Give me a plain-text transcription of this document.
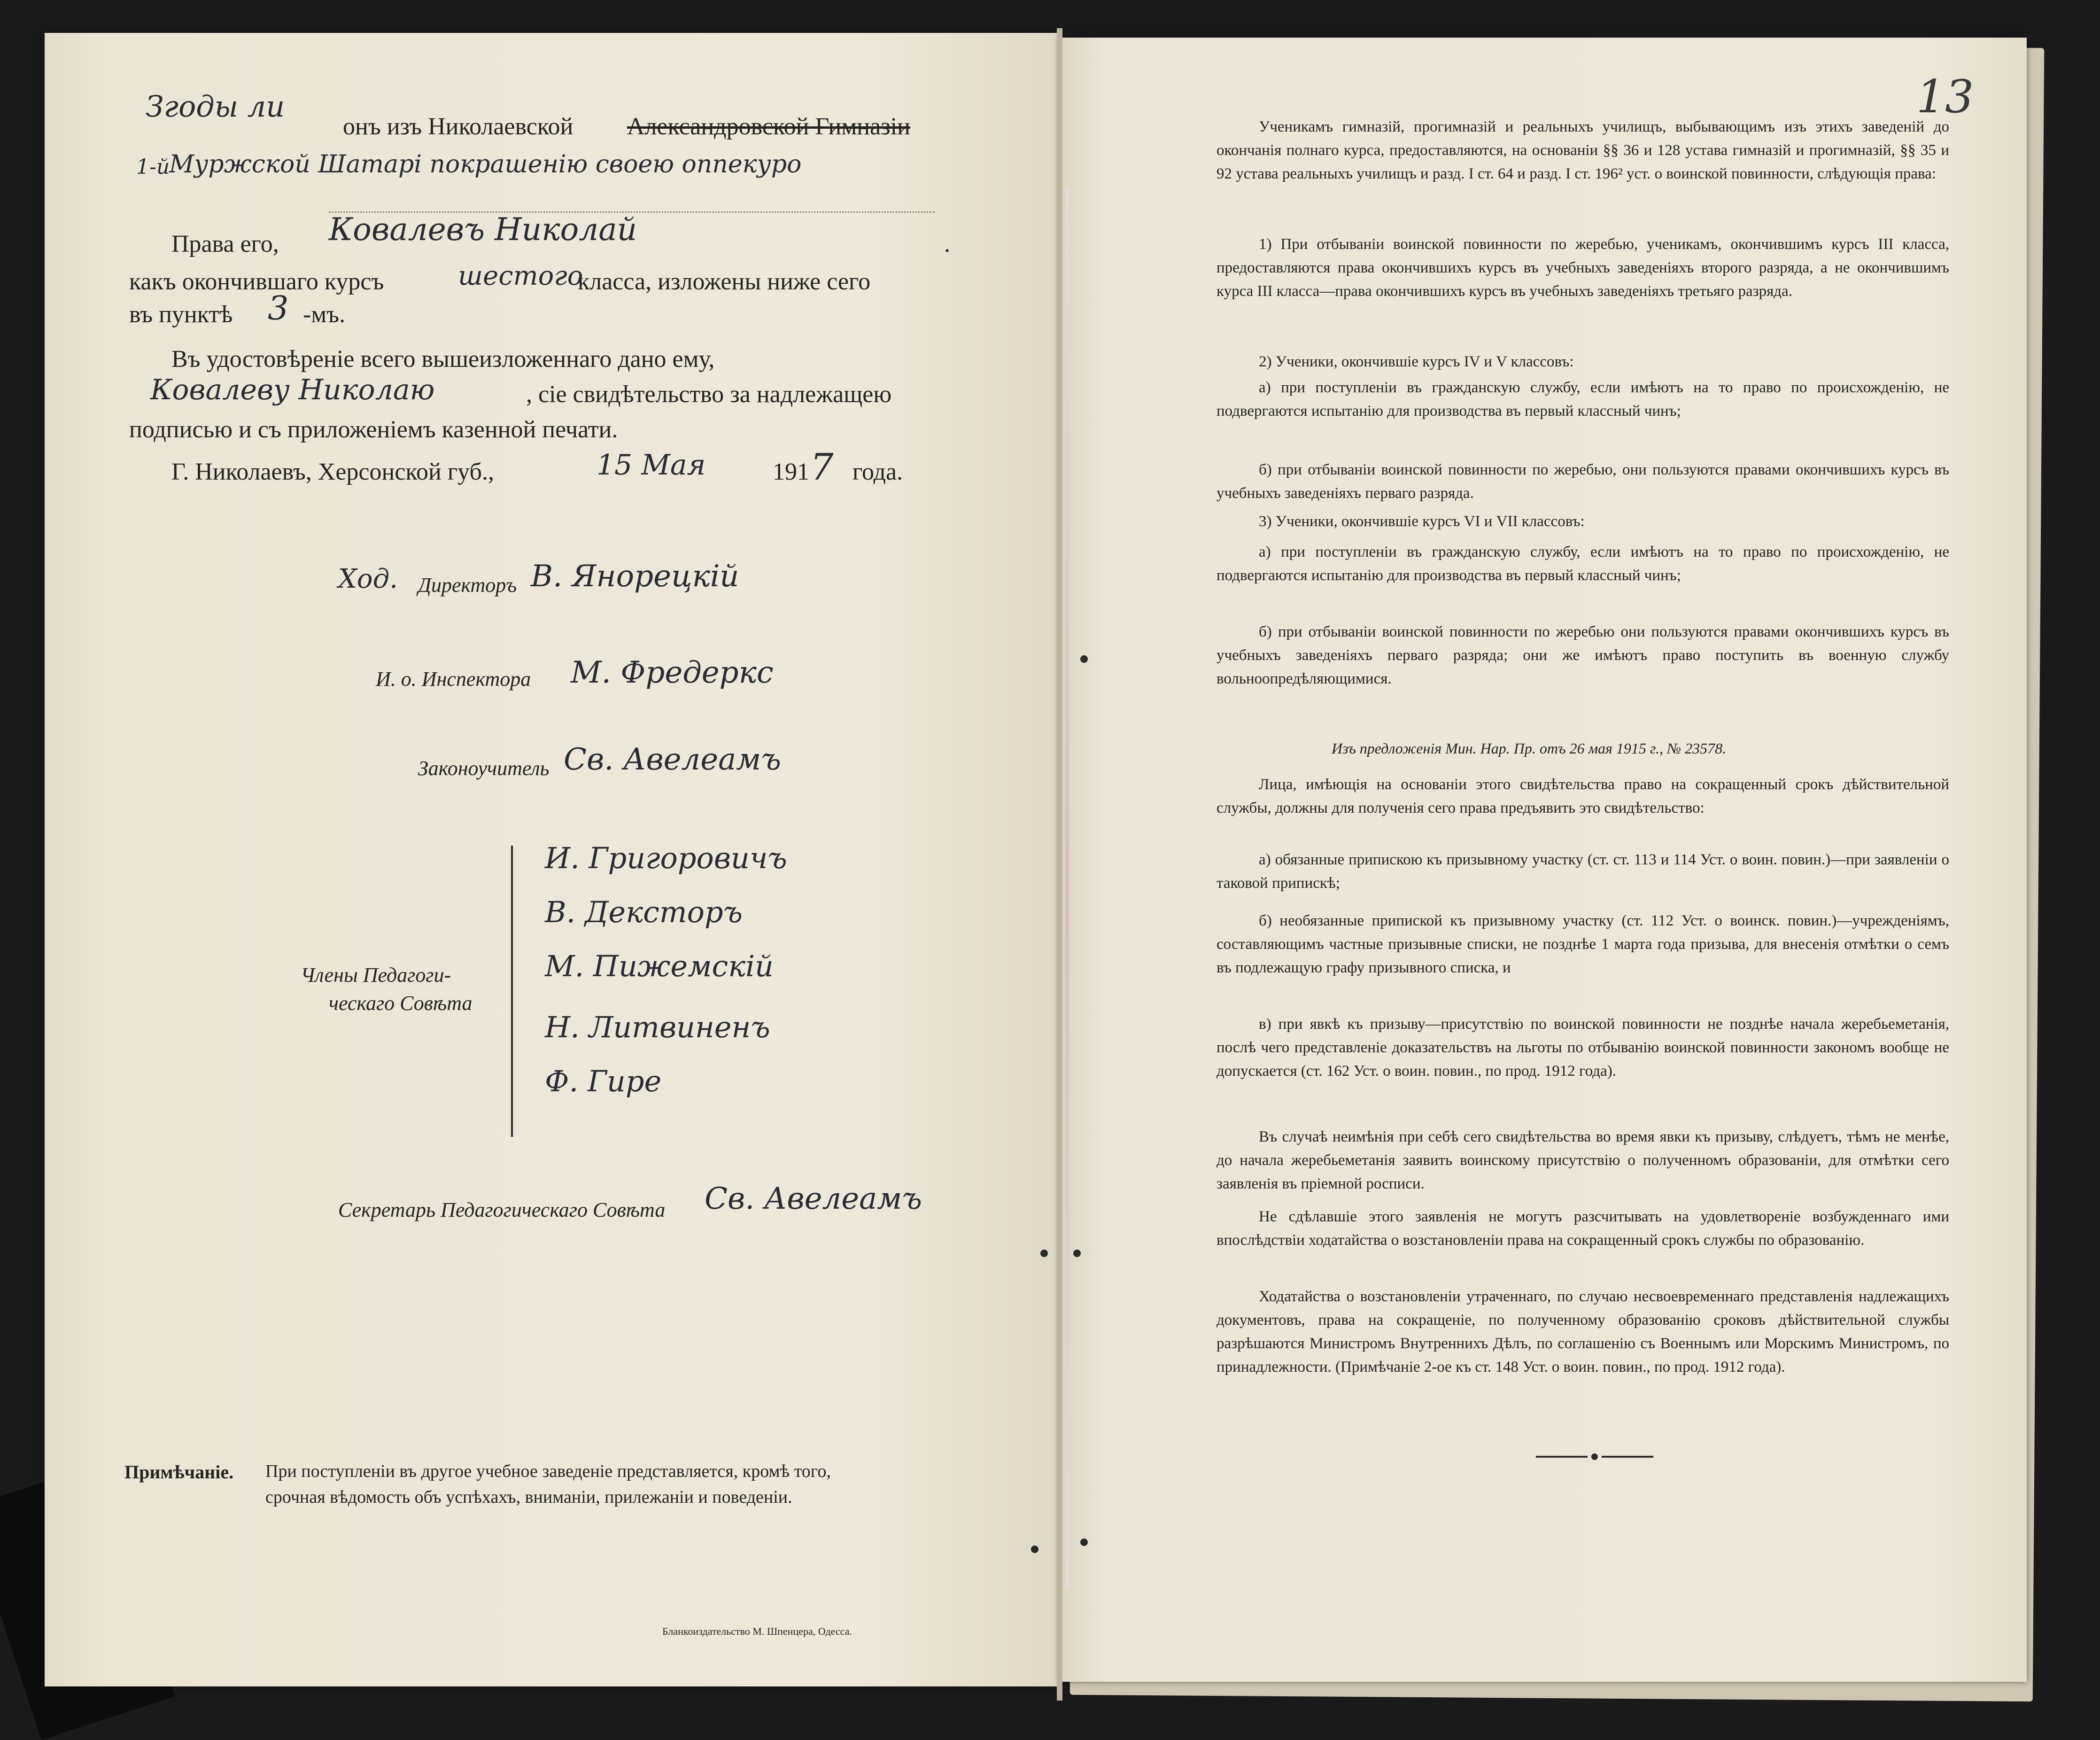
Згоды ли
онъ изъ Николаевской Александровской Гимназіи
1-й
Муржской Шатарі покрашенію своею оппекуро
Права его, Ковалевъ Николай	.
какъ окончившаго курсъ	шестого
класса, изложены ниже сего
въ пунктѣ 3 -мъ.
Въ удостовѣреніе всего вышеизложеннаго дано ему,
Ковалеву Николаю	, сіе свидѣтельство за надлежащею
подписью и съ приложеніемъ казенной печати.
Г. Николаевъ, Херсонской губ.,	15 Мая	191 7 года.
Ход. Директоръ В. Янорецкій
И. о. Инспектора М. Фредеркс
Законоучитель Св. Авелеамъ
Члены Педагоги-
ческаго Совѣта
И. Григоровичъ
В. Дексторъ
М. Пижемскій
Н. Литвиненъ
Ф. Гире
Секретарь Педагогическаго Совѣта Св. Авелеамъ
Примѣчаніе. При поступленіи въ другое учебное заведеніе представляется, кромѣ того,
срочная вѣдомость объ успѣхахъ, вниманіи, прилежаніи и поведеніи.
Бланкоиздательство М. Шпенцера, Одесса.
13

Ученикамъ гимназій, прогимназій и реальныхъ училищъ, выбывающимъ изъ этихъ заведеній до окончанія полнаго курса, предоставляются, на основаніи §§ 36 и 128 устава гимназій и прогимназій, §§ 35 и 92 устава реальныхъ училищъ и разд. I ст. 64 и разд. I ст. 196² уст. о воинской повинности, слѣдующія права:

1) При отбываніи воинской повинности по жеребью, ученикамъ, окончившимъ курсъ III класса, предоставляются права окончившихъ курсъ въ учебныхъ заведеніяхъ второго разряда, а не окончившимъ курса III класса—права окончившихъ курсъ въ учебныхъ заведеніяхъ третьяго разряда.

2) Ученики, окончившіе курсъ IV и V классовъ:

а) при поступленіи въ гражданскую службу, если имѣютъ на то право по происхожденію, не подвергаются испытанію для производства въ первый классный чинъ;

б) при отбываніи воинской повинности по жеребью, они пользуются правами окончившихъ курсъ въ учебныхъ заведеніяхъ перваго разряда.

3) Ученики, окончившіе курсъ VI и VII классовъ:

а) при поступленіи въ гражданскую службу, если имѣютъ на то право по происхожденію, не подвергаются испытанію для производства въ первый классный чинъ;

б) при отбываніи воинской повинности по жеребью они пользуются правами окончившихъ курсъ въ учебныхъ заведеніяхъ перваго разряда; они же имѣютъ право поступить въ военную службу вольноопредѣляющимися.

Изъ предложенія Мин. Нар. Пр. отъ 26 мая 1915 г., № 23578.

Лица, имѣющія на основаніи этого свидѣтельства право на сокращенный срокъ дѣйствительной службы, должны для полученія сего права предъявить это свидѣтельство:

а) обязанные припискою къ призывному участку (ст. ст. 113 и 114 Уст. о воин. повин.)—при заявленіи о таковой припискѣ;

б) необязанные припиской къ призывному участку (ст. 112 Уст. о воинск. повин.)—учрежденіямъ, составляющимъ частные призывные списки, не позднѣе 1 марта года призыва, для внесенія отмѣтки о семъ въ подлежащую графу призывного списка, и

в) при явкѣ къ призыву—присутствію по воинской повинности не позднѣе начала жеребьеметанія, послѣ чего представленіе доказательствъ на льготы по отбыванію воинской повинности закономъ вообще не допускается (ст. 162 Уст. о воин. повин., по прод. 1912 года).

Въ случаѣ неимѣнія при себѣ сего свидѣтельства во время явки къ призыву, слѣдуетъ, тѣмъ не менѣе, до начала жеребьеметанія заявить воинскому присутствію о полученномъ образованіи, для отмѣтки сего заявленія въ пріемной росписи.

Не сдѣлавшіе этого заявленія не могутъ разсчитывать на удовлетвореніе возбужденнаго ими впослѣдствіи ходатайства о возстановленіи права на сокращенный срокъ службы по образованію.

Ходатайства о возстановленіи утраченнаго, по случаю несвоевременнаго представленія надлежащихъ документовъ, права на сокращеніе, по полученному образованію сроковъ дѣйствительной службы разрѣшаются Министромъ Внутреннихъ Дѣлъ, по соглашенію съ Военнымъ или Морскимъ Министромъ, по принадлежности. (Примѣчаніе 2-ое къ ст. 148 Уст. о воин. повин., по прод. 1912 года).
